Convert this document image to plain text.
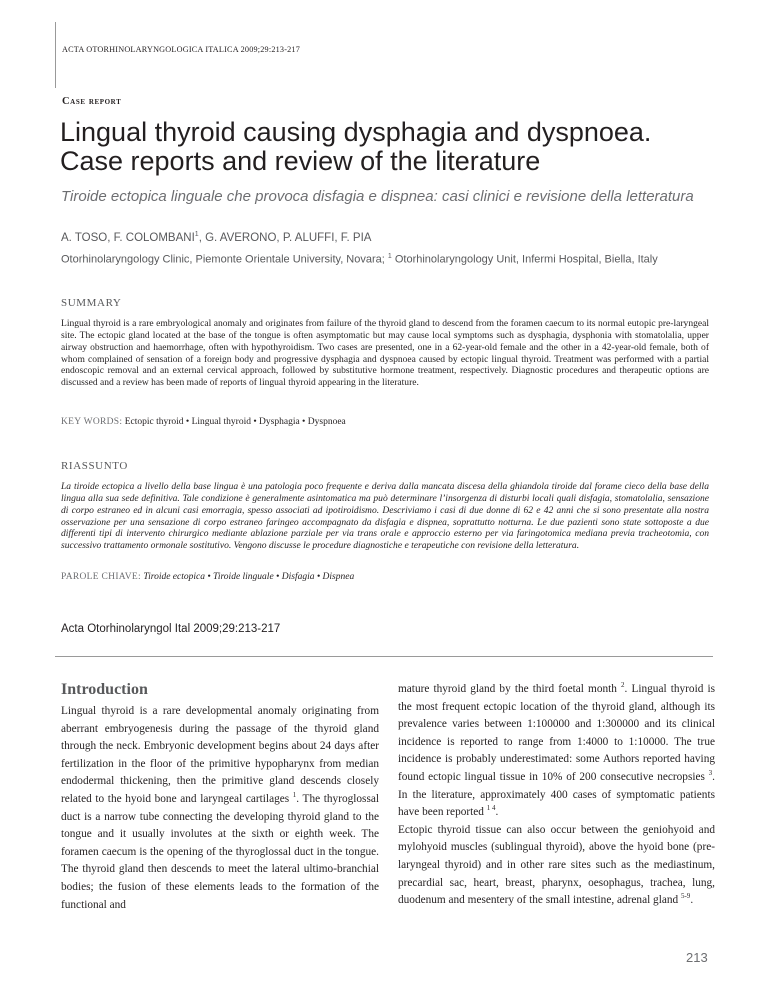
ACTA OTORHINOLARYNGOLOGICA ITALICA 2009;29:213-217
Case report
Lingual thyroid causing dysphagia and dyspnoea. Case reports and review of the literature
Tiroide ectopica linguale che provoca disfagia e dispnea: casi clinici e revisione della letteratura
A. TOSO, F. COLOMBANI$^1$, G. AVERONO, P. ALUFFI, F. PIA
Otorhinolaryngology Clinic, Piemonte Orientale University, Novara; $^1$ Otorhinolaryngology Unit, Infermi Hospital, Biella, Italy
SUMMARY
Lingual thyroid is a rare embryological anomaly and originates from failure of the thyroid gland to descend from the foramen caecum to its normal eutopic pre-laryngeal site. The ectopic gland located at the base of the tongue is often asymptomatic but may cause local symptoms such as dysphagia, dysphonia with stomatolalia, upper airway obstruction and haemorrhage, often with hypothyroidism. Two cases are presented, one in a 62-year-old female and the other in a 42-year-old female, both of whom complained of sensation of a foreign body and progressive dysphagia and dyspnoea caused by ectopic lingual thyroid. Treatment was performed with a partial endoscopic removal and an external cervical approach, followed by substitutive hormone treatment, respectively. Diagnostic procedures and therapeutic options are discussed and a review has been made of reports of lingual thyroid appearing in the literature.
KEY WORDS: Ectopic thyroid • Lingual thyroid • Dysphagia • Dyspnoea
RIASSUNTO
La tiroide ectopica a livello della base lingua è una patologia poco frequente e deriva dalla mancata discesa della ghiandola tiroide dal forame cieco della base della lingua alla sua sede definitiva. Tale condizione è generalmente asintomatica ma può determinare l’insorgenza di disturbi locali quali disfagia, stomatolalia, sensazione di corpo estraneo ed in alcuni casi emorragia, spesso associati ad ipotiroidismo. Descriviamo i casi di due donne di 62 e 42 anni che si sono presentate alla nostra osservazione per una sensazione di corpo estraneo faringeo accompagnato da disfagia e dispnea, soprattutto notturna. Le due pazienti sono state sottoposte a due differenti tipi di intervento chirurgico mediante ablazione parziale per via trans orale e approccio esterno per via faringotomica mediana previa tracheotomia, con successivo trattamento ormonale sostitutivo. Vengono discusse le procedure diagnostiche e terapeutiche con revisione della letteratura.
PAROLE CHIAVE: Tiroide ectopica • Tiroide linguale • Disfagia • Dispnea
Acta Otorhinolaryngol Ital 2009;29:213-217
Introduction
Lingual thyroid is a rare developmental anomaly originating from aberrant embryogenesis during the passage of the thyroid gland through the neck. Embryonic development begins about 24 days after fertilization in the floor of the primitive hypopharynx from median endodermal thickening, then the primitive gland descends closely related to the hyoid bone and laryngeal cartilages $^1$. The thyroglossal duct is a narrow tube connecting the developing thyroid gland to the tongue and it usually involutes at the sixth or eighth week. The foramen caecum is the opening of the thyroglossal duct in the tongue. The thyroid gland then descends to meet the lateral ultimo-branchial bodies; the fusion of these elements leads to the formation of the functional and
mature thyroid gland by the third foetal month $^2$. Lingual thyroid is the most frequent ectopic location of the thyroid gland, although its prevalence varies between 1:100000 and 1:300000 and its clinical incidence is reported to range from 1:4000 to 1:10000. The true incidence is probably underestimated: some Authors reported having found ectopic lingual tissue in 10% of 200 consecutive necropsies $^3$. In the literature, approximately 400 cases of symptomatic patients have been reported $^{1 4}$.
Ectopic thyroid tissue can also occur between the geniohyoid and mylohyoid muscles (sublingual thyroid), above the hyoid bone (pre-laryngeal thyroid) and in other rare sites such as the mediastinum, precardial sac, heart, breast, pharynx, oesophagus, trachea, lung, duodenum and mesentery of the small intestine, adrenal gland $^{5-9}$.
213
